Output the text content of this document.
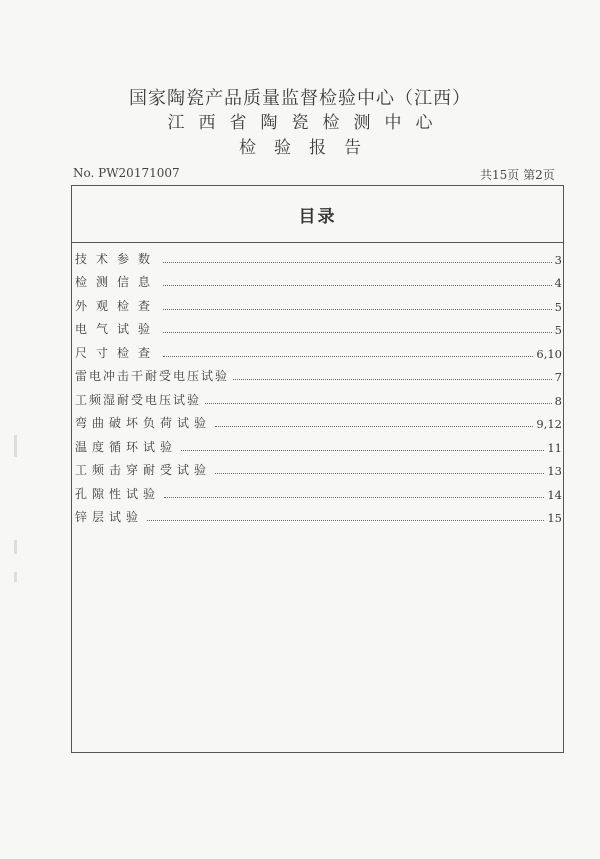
国家陶瓷产品质量监督检验中心（江西）
江西省陶瓷检测中心
检验报告
No. PW20171007	共15页 第2页
目录
技术参数	3
检测信息	4
外观检查	5
电气试验	5
尺寸检查	6,10
雷电冲击干耐受电压试验	7
工频湿耐受电压试验	8
弯曲破坏负荷试验	9,12
温度循环试验	11
工频击穿耐受试验	13
孔隙性试验	14
锌层试验	15
